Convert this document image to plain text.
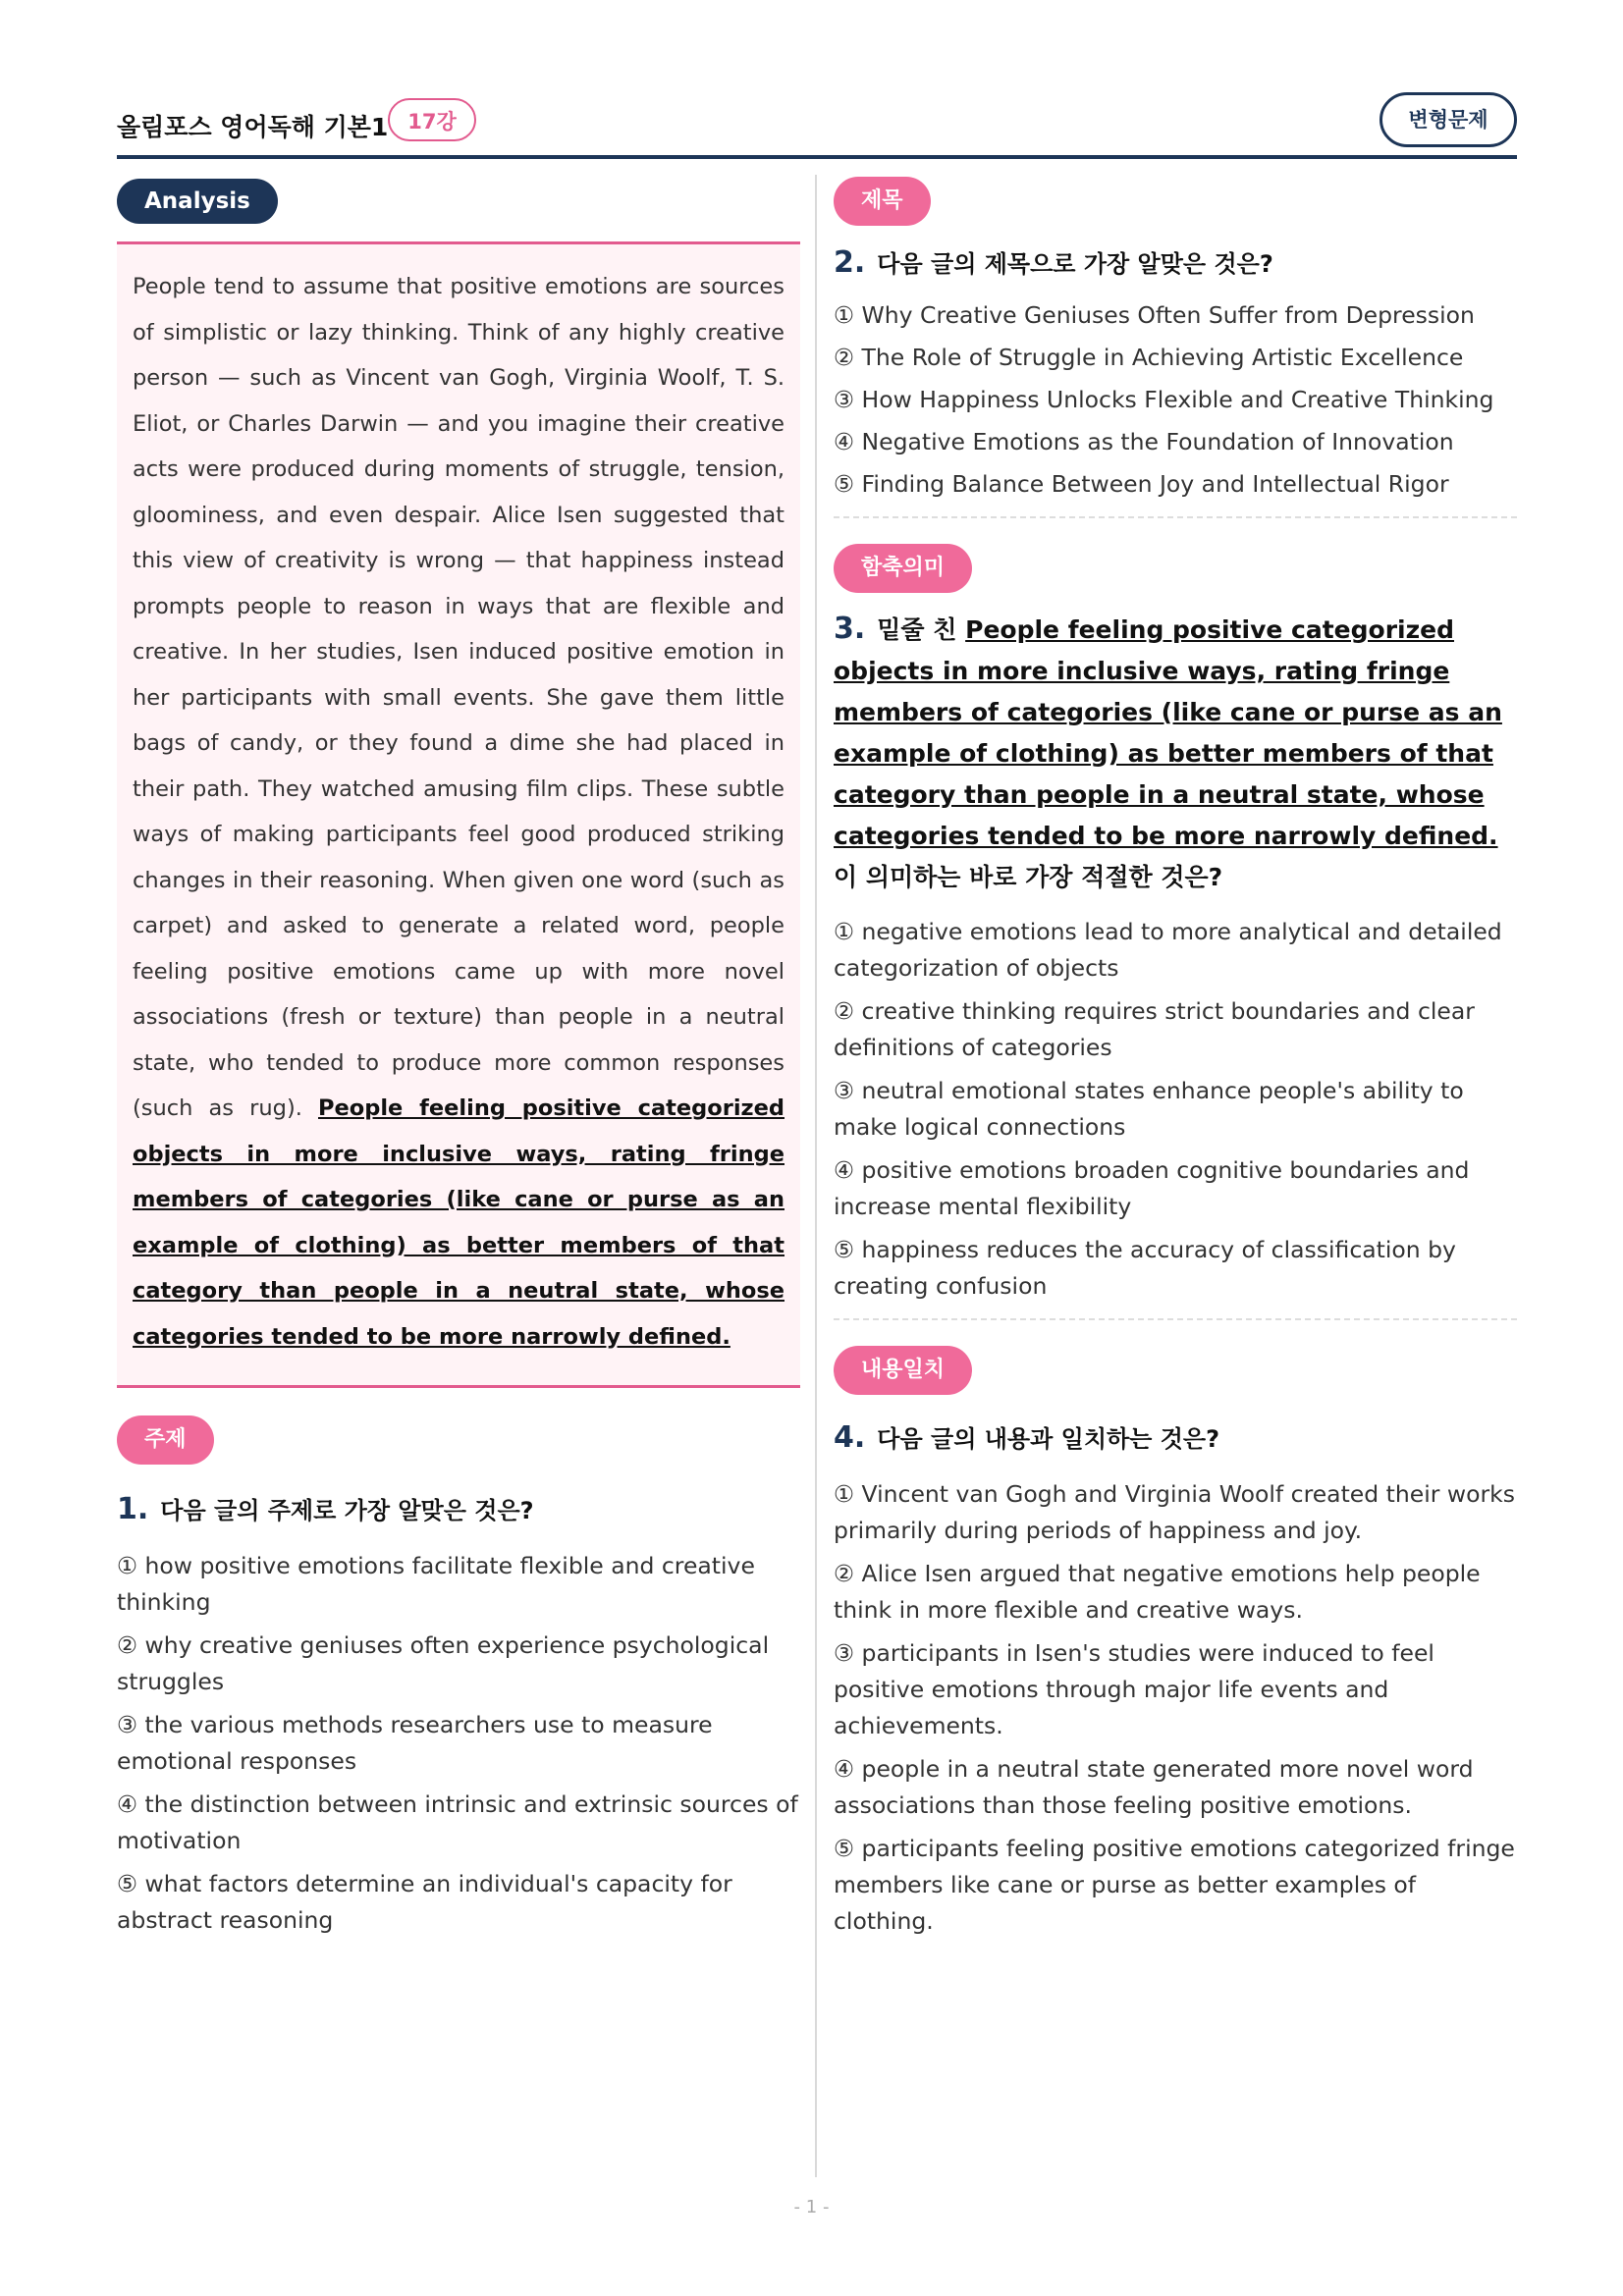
올림포스 영어독해 기본1 17강	변형문제
Analysis
People tend to assume that positive emotions are sources of simplistic or lazy thinking. Think of any highly creative person — such as Vincent van Gogh, Virginia Woolf, T. S. Eliot, or Charles Darwin — and you imagine their creative acts were produced during moments of struggle, tension, gloominess, and even despair. Alice Isen suggested that this view of creativity is wrong — that happiness instead prompts people to reason in ways that are flexible and creative. In her studies, Isen induced positive emotion in her participants with small events. She gave them little bags of candy, or they found a dime she had placed in their path. They watched amusing film clips. These subtle ways of making participants feel good produced striking changes in their reasoning. When given one word (such as carpet) and asked to generate a related word, people feeling positive emotions came up with more novel associations (fresh or texture) than people in a neutral state, who tended to produce more common responses (such as rug). People feeling positive categorized objects in more inclusive ways, rating fringe members of categories (like cane or purse as an example of clothing) as better members of that category than people in a neutral state, whose categories tended to be more narrowly defined.
주제
1. 다음 글의 주제로 가장 알맞은 것은?
① how positive emotions facilitate flexible and creative thinking
② why creative geniuses often experience psychological struggles
③ the various methods researchers use to measure emotional responses
④ the distinction between intrinsic and extrinsic sources of motivation
⑤ what factors determine an individual's capacity for abstract reasoning
제목
2. 다음 글의 제목으로 가장 알맞은 것은?
① Why Creative Geniuses Often Suffer from Depression
② The Role of Struggle in Achieving Artistic Excellence
③ How Happiness Unlocks Flexible and Creative Thinking
④ Negative Emotions as the Foundation of Innovation
⑤ Finding Balance Between Joy and Intellectual Rigor
함축의미
3. 밑줄 친 People feeling positive categorized objects in more inclusive ways, rating fringe members of categories (like cane or purse as an example of clothing) as better members of that category than people in a neutral state, whose categories tended to be more narrowly defined.이 의미하는 바로 가장 적절한 것은?
① negative emotions lead to more analytical and detailed categorization of objects
② creative thinking requires strict boundaries and clear definitions of categories
③ neutral emotional states enhance people's ability to make logical connections
④ positive emotions broaden cognitive boundaries and increase mental flexibility
⑤ happiness reduces the accuracy of classification by creating confusion
내용일치
4. 다음 글의 내용과 일치하는 것은?
① Vincent van Gogh and Virginia Woolf created their works primarily during periods of happiness and joy.
② Alice Isen argued that negative emotions help people think in more flexible and creative ways.
③ participants in Isen's studies were induced to feel positive emotions through major life events and achievements.
④ people in a neutral state generated more novel word associations than those feeling positive emotions.
⑤ participants feeling positive emotions categorized fringe members like cane or purse as better examples of clothing.
- 1 -
